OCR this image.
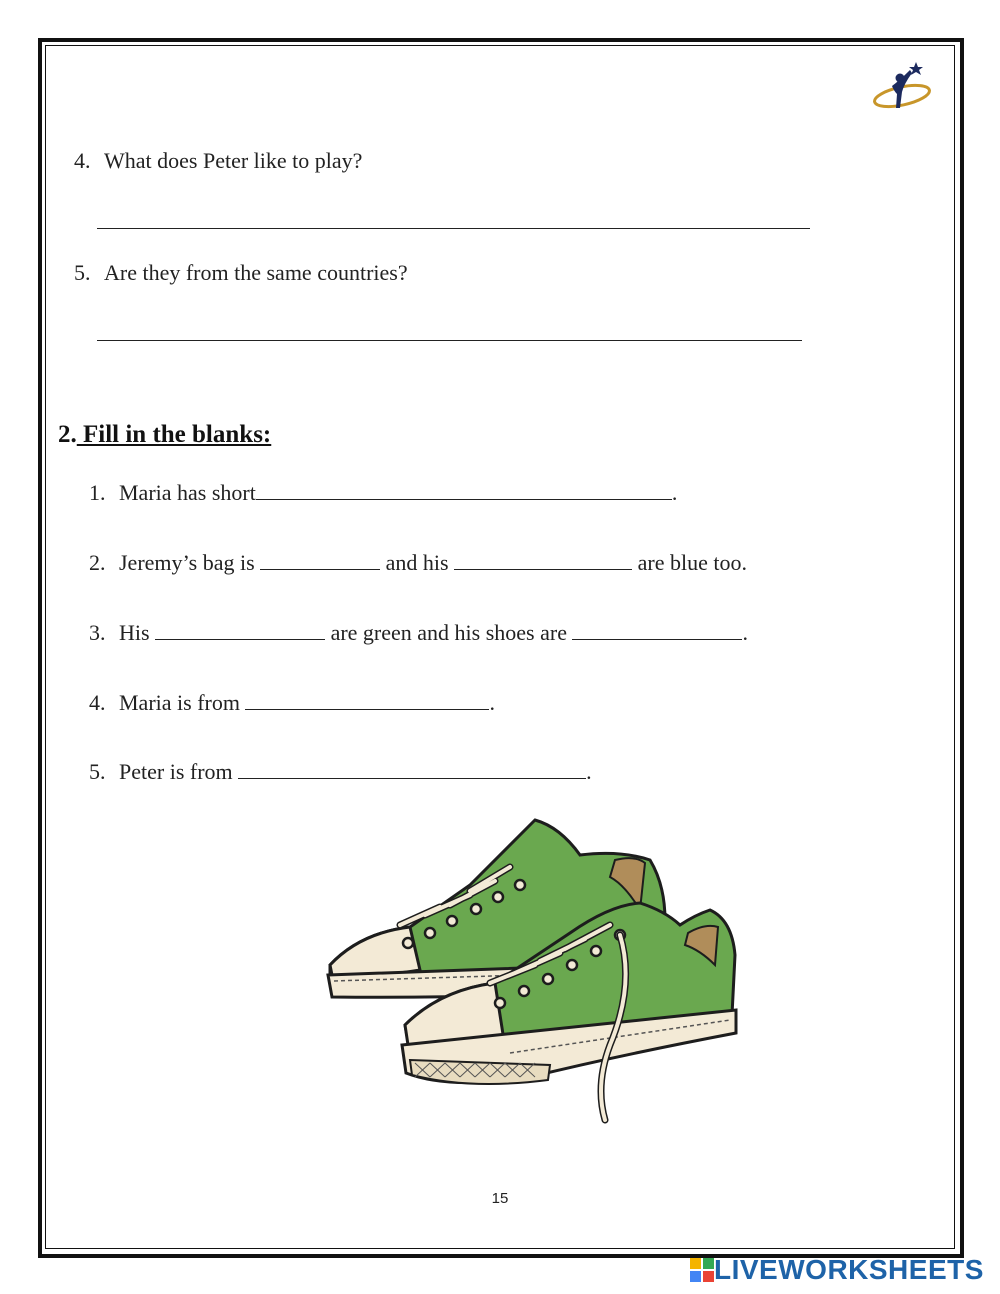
4. What does Peter like to play?
5. Are they from the same countries?
2. Fill in the blanks:
1. Maria has short	.
2. Jeremy’s bag is	and his	are blue too.
3. His	are green and his shoes are	.
4. Maria is from	.
5. Peter is from	.
15
LIVEWORKSHEETS
